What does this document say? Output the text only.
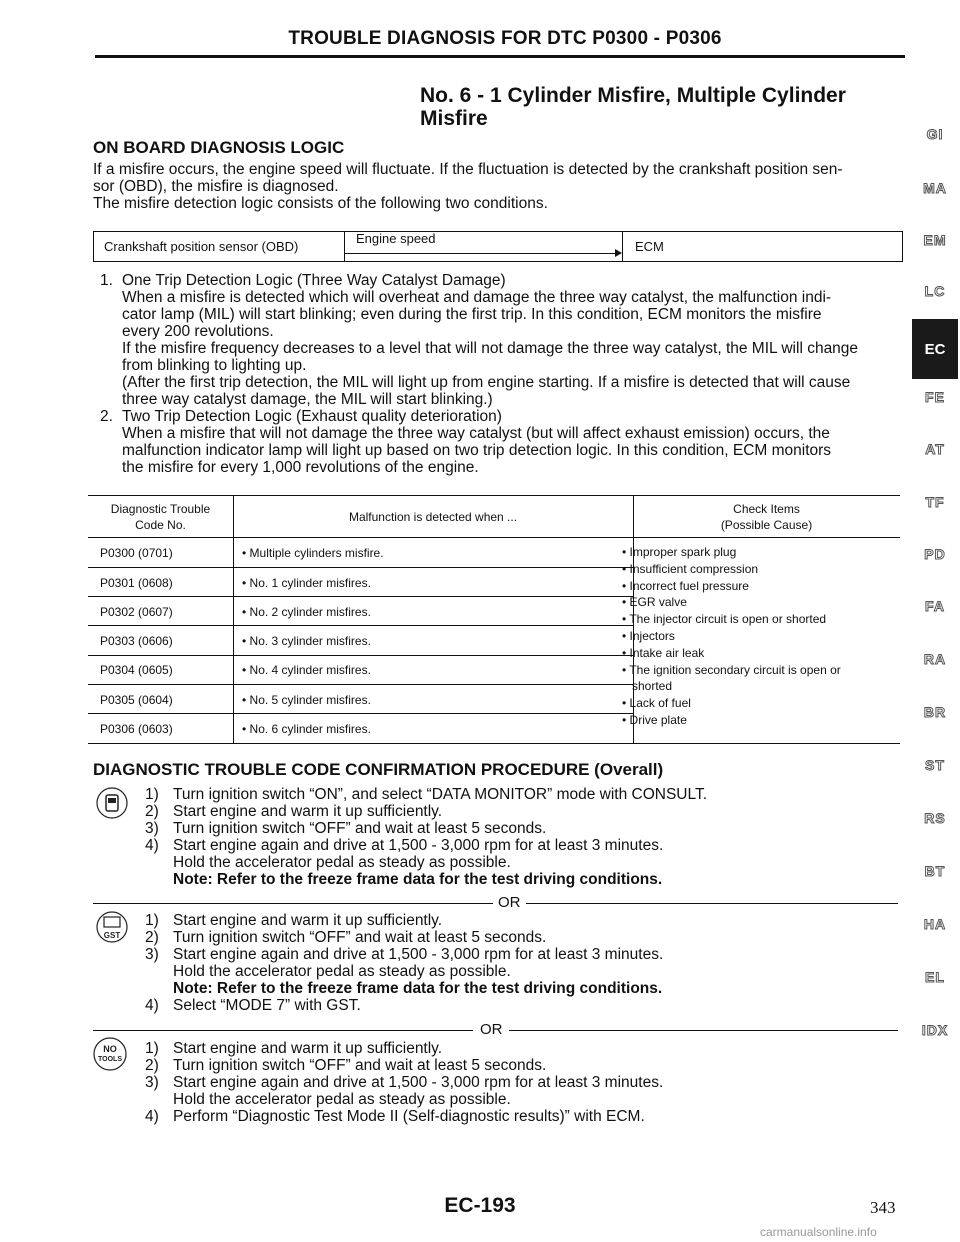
TROUBLE DIAGNOSIS FOR DTC P0300 - P0306
No. 6 - 1 Cylinder Misfire, Multiple Cylinder
Misfire
ON BOARD DIAGNOSIS LOGIC
If a misfire occurs, the engine speed will fluctuate. If the fluctuation is detected by the crankshaft position sen-
sor (OBD), the misfire is diagnosed.
The misfire detection logic consists of the following two conditions.
Crankshaft position sensor (OBD)
Engine speed
ECM
1. One Trip Detection Logic (Three Way Catalyst Damage)
When a misfire is detected which will overheat and damage the three way catalyst, the malfunction indi-
cator lamp (MIL) will start blinking; even during the first trip. In this condition, ECM monitors the misfire
every 200 revolutions.
If the misfire frequency decreases to a level that will not damage the three way catalyst, the MIL will change
from blinking to lighting up.
(After the first trip detection, the MIL will light up from engine starting. If a misfire is detected that will cause
three way catalyst damage, the MIL will start blinking.)
2. Two Trip Detection Logic (Exhaust quality deterioration)
When a misfire that will not damage the three way catalyst (but will affect exhaust emission) occurs, the
malfunction indicator lamp will light up based on two trip detection logic. In this condition, ECM monitors
the misfire for every 1,000 revolutions of the engine.
Diagnostic Trouble
Code No.
Malfunction is detected when ...
Check Items
(Possible Cause)
P0300 (0701)	• Multiple cylinders misfire.
P0301 (0608)	• No. 1 cylinder misfires.
P0302 (0607)	• No. 2 cylinder misfires.
P0303 (0606)	• No. 3 cylinder misfires.
P0304 (0605)	• No. 4 cylinder misfires.
P0305 (0604)	• No. 5 cylinder misfires.
P0306 (0603)	• No. 6 cylinder misfires.
• Improper spark plug
• Insufficient compression
• Incorrect fuel pressure
• EGR valve
• The injector circuit is open or shorted
• Injectors
• Intake air leak
• The ignition secondary circuit is open or
shorted
• Lack of fuel
• Drive plate
DIAGNOSTIC TROUBLE CODE CONFIRMATION PROCEDURE (Overall)
1) Turn ignition switch “ON”, and select “DATA MONITOR” mode with CONSULT.
2) Start engine and warm it up sufficiently.
3) Turn ignition switch “OFF” and wait at least 5 seconds.
4) Start engine again and drive at 1,500 - 3,000 rpm for at least 3 minutes.
Hold the accelerator pedal as steady as possible.
Note: Refer to the freeze frame data for the test driving conditions.
OR
GST
1) Start engine and warm it up sufficiently.
2) Turn ignition switch “OFF” and wait at least 5 seconds.
3) Start engine again and drive at 1,500 - 3,000 rpm for at least 3 minutes.
Hold the accelerator pedal as steady as possible.
Note: Refer to the freeze frame data for the test driving conditions.
4) Select “MODE 7” with GST.
OR
NO
TOOLS
1) Start engine and warm it up sufficiently.
2) Turn ignition switch “OFF” and wait at least 5 seconds.
3) Start engine again and drive at 1,500 - 3,000 rpm for at least 3 minutes.
Hold the accelerator pedal as steady as possible.
4) Perform “Diagnostic Test Mode II (Self-diagnostic results)” with ECM.
GI
MA
EM
LC
EC
FE
AT
TF
PD
FA
RA
BR
ST
RS
BT
HA
EL
IDX
EC-193	343
carmanualsonline.info
